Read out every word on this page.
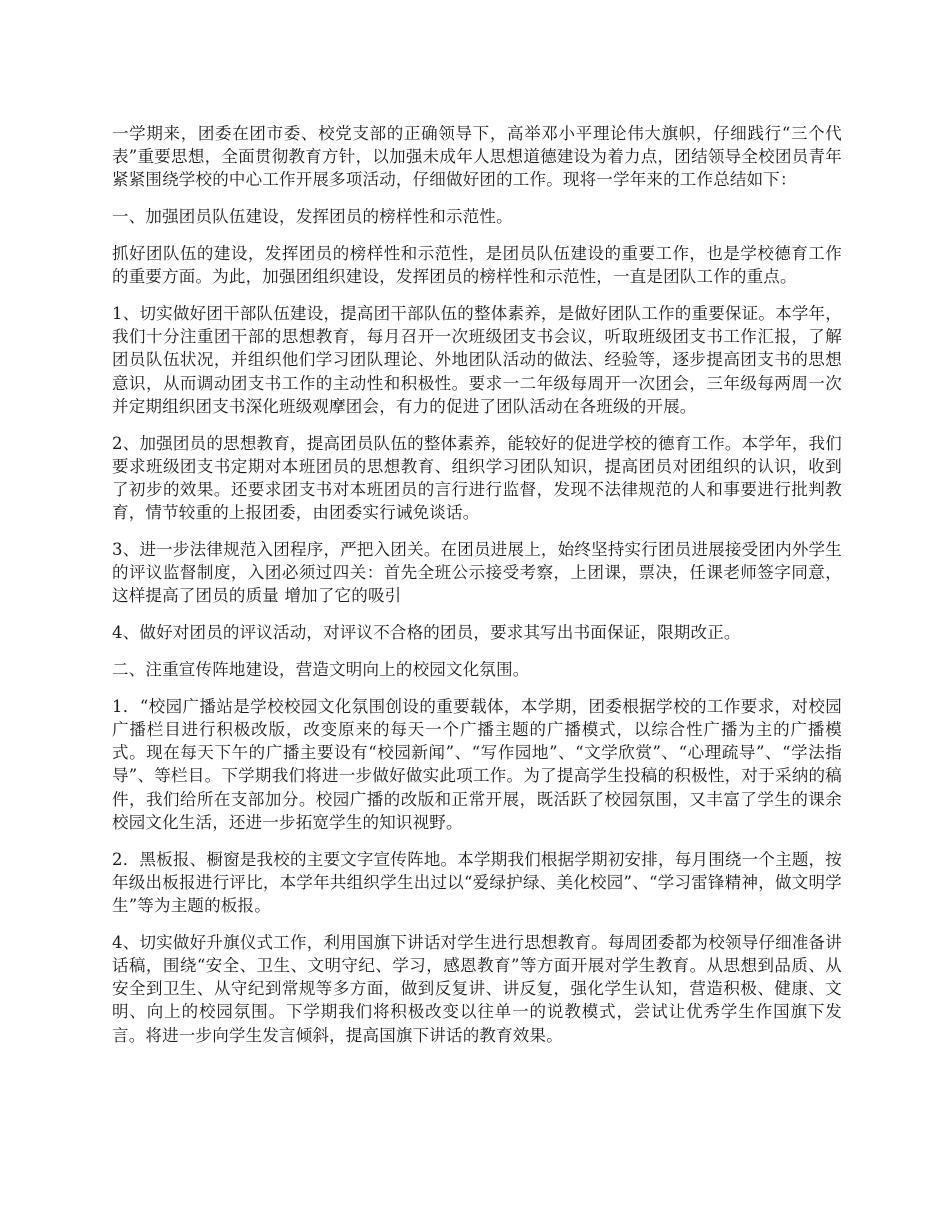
一学期来，团委在团市委、校党支部的正确领导下，高举邓小平理论伟大旗帜，仔细践行“三个代表”重要思想，全面贯彻教育方针，以加强未成年人思想道德建设为着力点，团结领导全校团员青年紧紧围绕学校的中心工作开展多项活动，仔细做好团的工作。现将一学年来的工作总结如下：

一、加强团员队伍建设，发挥团员的榜样性和示范性。

抓好团队伍的建设，发挥团员的榜样性和示范性，是团员队伍建设的重要工作，也是学校德育工作的重要方面。为此，加强团组织建设，发挥团员的榜样性和示范性，一直是团队工作的重点。

1、切实做好团干部队伍建设，提高团干部队伍的整体素养，是做好团队工作的重要保证。本学年，我们十分注重团干部的思想教育，每月召开一次班级团支书会议，听取班级团支书工作汇报，了解团员队伍状况，并组织他们学习团队理论、外地团队活动的做法、经验等，逐步提高团支书的思想意识，从而调动团支书工作的主动性和积极性。要求一二年级每周开一次团会，三年级每两周一次并定期组织团支书深化班级观摩团会，有力的促进了团队活动在各班级的开展。

2、加强团员的思想教育，提高团员队伍的整体素养，能较好的促进学校的德育工作。本学年，我们要求班级团支书定期对本班团员的思想教育、组织学习团队知识，提高团员对团组织的认识，收到了初步的效果。还要求团支书对本班团员的言行进行监督，发现不法律规范的人和事要进行批判教育，情节较重的上报团委，由团委实行诫免谈话。

3、进一步法律规范入团程序，严把入团关。在团员进展上，始终坚持实行团员进展接受团内外学生的评议监督制度，入团必须过四关：首先全班公示接受考察，上团课，票决，任课老师签字同意，这样提高了团员的质量 增加了它的吸引

4、做好对团员的评议活动，对评议不合格的团员，要求其写出书面保证，限期改正。

二、注重宣传阵地建设，营造文明向上的校园文化氛围。

1．“校园广播站是学校校园文化氛围创设的重要载体，本学期，团委根据学校的工作要求，对校园广播栏目进行积极改版，改变原来的每天一个广播主题的广播模式，以综合性广播为主的广播模式。现在每天下午的广播主要设有“校园新闻”、“写作园地”、“文学欣赏”、“心理疏导”、“学法指导”、等栏目。下学期我们将进一步做好做实此项工作。为了提高学生投稿的积极性，对于采纳的稿件，我们给所在支部加分。校园广播的改版和正常开展，既活跃了校园氛围，又丰富了学生的课余校园文化生活，还进一步拓宽学生的知识视野。

2．黑板报、橱窗是我校的主要文字宣传阵地。本学期我们根据学期初安排，每月围绕一个主题，按年级出板报进行评比，本学年共组织学生出过以“爱绿护绿、美化校园”、“学习雷锋精神，做文明学生”等为主题的板报。

4、切实做好升旗仪式工作，利用国旗下讲话对学生进行思想教育。每周团委都为校领导仔细准备讲话稿，围绕“安全、卫生、文明守纪、学习，感恩教育”等方面开展对学生教育。从思想到品质、从安全到卫生、从守纪到常规等多方面，做到反复讲、讲反复，强化学生认知，营造积极、健康、文明、向上的校园氛围。下学期我们将积极改变以往单一的说教模式，尝试让优秀学生作国旗下发言。将进一步向学生发言倾斜，提高国旗下讲话的教育效果。
